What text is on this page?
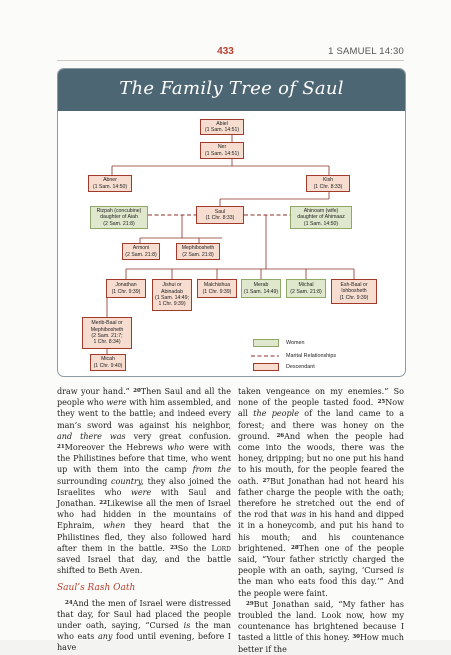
433	1 SAMUEL 14:30
The Family Tree of Saul
Abiel
(1 Sam. 14:51)
Ner
(1 Sam. 14:51)
Abner
(1 Sam. 14:50)
Kish
(1 Chr. 8:33)
Rizpah (concubine)
daughter of Aiah
(2 Sam. 21:8)
Saul
(1 Chr. 8:33)
Ahinoam (wife)
daughter of Ahimaaz
(1 Sam. 14:50)
Armoni
(2 Sam. 21:8)
Mephibosheth
(2 Sam. 21:8)
Jonathan
(1 Chr. 9:39)
Jishui or
Abinadab
(1 Sam. 14:49;
1 Chr. 9:39)
Malchishua
(1 Chr. 9:39)
Merab
(1 Sam. 14:49)
Michal
(2 Sam. 21:8)
Esh-Baal or
Ishbosheth
(1 Chr. 9:39)
Merib-Baal or
Mephibosheth
(2 Sam. 21:7;
1 Chr. 8:34)
Micah
(1 Chr. 9:40)
Women
Marital Relationships
Descendant

draw your hand.” $^{20}$Then Saul and all the people who were with him assembled, and they went to the battle; and indeed every man’s sword was against his neighbor, and there was very great confusion. $^{21}$Moreover the Hebrews who were with the Philistines before that time, who went up with them into the camp from the surrounding country, they also joined the Israelites who were with Saul and Jonathan. $^{22}$Likewise all the men of Israel who had hidden in the mountains of Ephraim, when they heard that the Philistines fled, they also followed hard after them in the battle. $^{23}$So the Lord saved Israel that day, and the battle shifted to Beth Aven.

Saul’s Rash Oath

$^{24}$And the men of Israel were distressed that day, for Saul had placed the people under oath, saying, “Cursed is the man who eats any food until evening, before I have

taken vengeance on my enemies.” So none of the people tasted food. $^{25}$Now all the people of the land came to a forest; and there was honey on the ground. $^{26}$And when the people had come into the woods, there was the honey, dripping; but no one put his hand to his mouth, for the people feared the oath. $^{27}$But Jonathan had not heard his father charge the people with the oath; therefore he stretched out the end of the rod that was in his hand and dipped it in a honeycomb, and put his hand to his mouth; and his countenance brightened. $^{28}$Then one of the people said, “Your father strictly charged the people with an oath, saying, ‘Cursed is the man who eats food this day.’” And the people were faint.

$^{29}$But Jonathan said, “My father has troubled the land. Look now, how my countenance has brightened because I tasted a little of this honey. $^{30}$How much better if the
